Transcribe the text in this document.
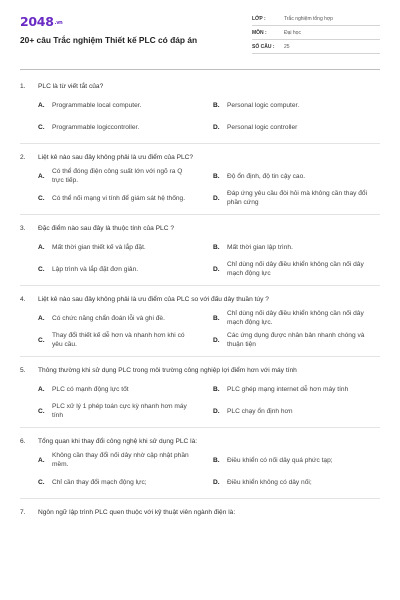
2048.vn
20+ câu Trắc nghiệm Thiết kế PLC có đáp án
LỚP :	Trắc nghiệm tổng hợp
MÔN :	Đại học
SỐ CÂU :	25
1.	PLC là từ viết tắt của?
A.	Programmable local computer.	B.	Personal logic computer.
C.	Programmable logiccontroller.	D.	Personal logic controller
2.	Liệt kê nào sau đây không phải là ưu điểm của PLC?
A.
Có thể đóng điện công suất lớn với ngõ ra Q trực tiếp.
B.	Độ ổn định, độ tin cậy cao.
C.	Có thể nối mạng vi tính để giám sát hệ thống.	D.
Đáp ứng yêu cầu đòi hỏi mà không cần thay đổi phần cứng
3.	Đặc điểm nào sau đây là thuộc tính của PLC ?
A.	Mất thời gian thiết kế và lắp đặt.	B.	Mất thời gian lập trình.
C.	Lập trình và lắp đặt đơn giản.	D.
Chỉ dùng nối dây điều khiển không cần nối dây mạch động lực
4.	Liệt kê nào sau đây không phải là ưu điểm của PLC so với đấu dây thuần túy ?
A.	Có chức năng chẩn đoán lỗi và ghi đè.	B.
Chỉ dùng nối dây điều khiển không cần nối dây mạch động lực.
C.
Thay đổi thiết kế dễ hơn và nhanh hơn khi có yêu cầu.
D.
Các ứng dụng được nhân bản nhanh chóng và thuận tiện
5.	Thông thường khi sử dụng PLC trong môi trường công nghiệp lợi điểm hơn với máy tính
A.	PLC có mạnh động lực tốt	B.	PLC ghép mạng internet dễ hơn máy tính
C.
PLC xử lý 1 phép toán cực kỳ nhanh hơn máy tính
D.	PLC chạy ổn định hơn
6.	Tổng quan khi thay đổi công nghệ khi sử dụng PLC là:
A.
Không cần thay đổi nối dây nhờ cập nhật phần mềm.
B.	Điều khiển có nối dây quá phức tạp;
C.	Chỉ cần thay đổi mạch động lực;	D.	Điều khiển không có dây nối;
7.	Ngôn ngữ lập trình PLC quen thuộc với kỹ thuật viên ngành điện là:
